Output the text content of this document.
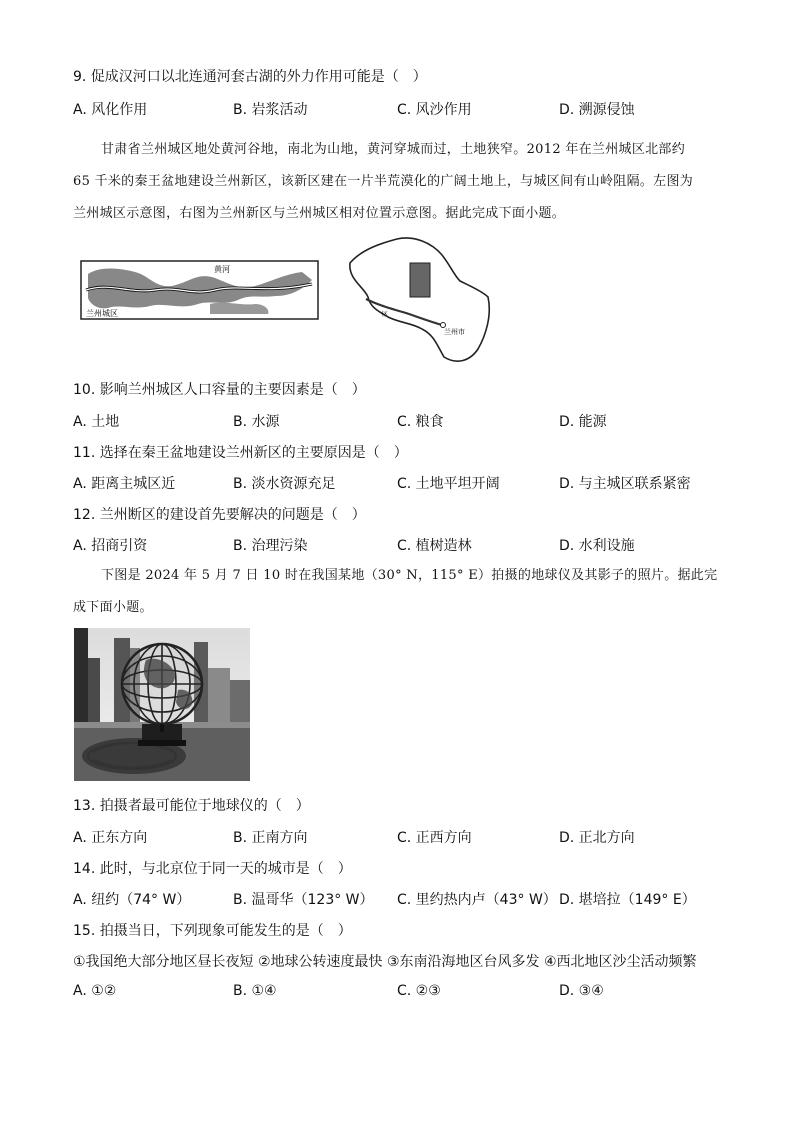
9. 促成汉河口以北连通河套古湖的外力作用可能是（　）
A. 风化作用	B. 岩浆活动	C. 风沙作用	D. 溯源侵蚀

甘肃省兰州城区地处黄河谷地，南北为山地，黄河穿城而过，土地狭窄。2012 年在兰州城区北部约

65 千米的秦王盆地建设兰州新区，该新区建在一片半荒漠化的广阔土地上，与城区间有山岭阻隔。左图为

兰州城区示意图，右图为兰州新区与兰州城区相对位置示意图。据此完成下面小题。

黄河
兰州城区	区
兰州市
10. 影响兰州城区人口容量的主要因素是（　）
A. 土地	B. 水源	C. 粮食	D. 能源
11. 选择在秦王盆地建设兰州新区的主要原因是（　）
A. 距离主城区近	B. 淡水资源充足	C. 土地平坦开阔	D. 与主城区联系紧密
12. 兰州断区的建设首先要解决的问题是（　）
A. 招商引资	B. 治理污染	C. 植树造林	D. 水利设施

下图是 2024 年 5 月 7 日 10 时在我国某地（30° N，115° E）拍摄的地球仪及其影子的照片。据此完

成下面小题。

13. 拍摄者最可能位于地球仪的（　）
A. 正东方向	B. 正南方向	C. 正西方向	D. 正北方向
14. 此时，与北京位于同一天的城市是（　）
A. 纽约（74° W）	B. 温哥华（123° W） C. 里约热内卢（43° W） D. 堪培拉（149° E）
15. 拍摄当日，下列现象可能发生的是（　）
①我国绝大部分地区昼长夜短 ②地球公转速度最快 ③东南沿海地区台风多发 ④西北地区沙尘活动频繁
A. ①②	B. ①④	C. ②③	D. ③④
